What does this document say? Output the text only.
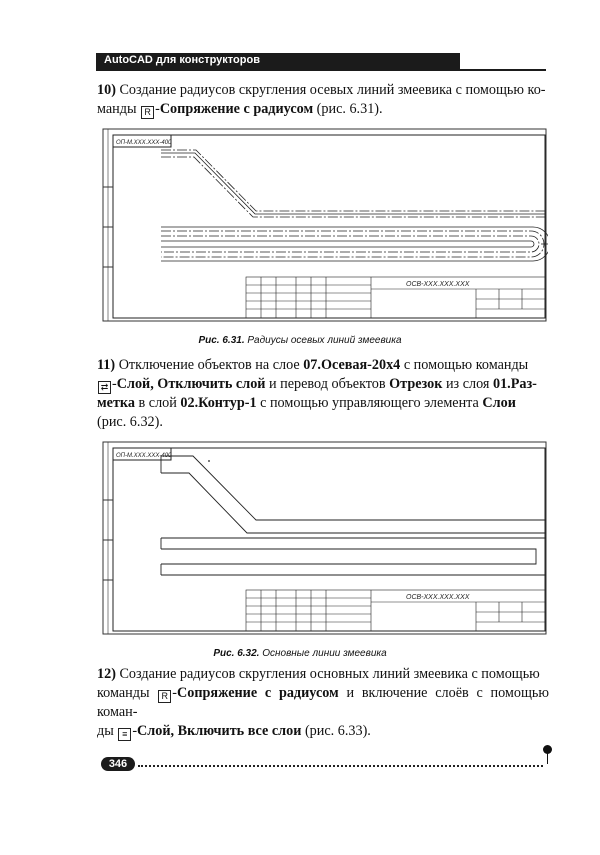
AutoCAD для конструкторов

10) Создание радиусов скругления осевых линий змеевика с помощью ко-
манды R -Сопряжение с радиусом (рис. 6.31).

ОП-М.ХХХ.ХХХ-400
ОСВ-ХХХ.ХХХ.ХХХ
Рис. 6.31. Радиусы осевых линий змеевика

11) Отключение объектов на слое 07.Осевая-20х4 с помощью команды
⇄ -Слой, Отключить слой и перевод объектов Отрезок из слоя 01.Раз-
метка в слой 02.Контур-1 с помощью управляющего элемента Слои
(рис. 6.32).

ОП-М.ХХХ.ХХХ-400
ОСВ-ХХХ.ХХХ.ХХХ
Рис. 6.32. Основные линии змеевика

12) Создание радиусов скругления основных линий змеевика с помощью
команды R -Сопряжение с радиусом и включение слоёв с помощью коман-
ды ≡ -Слой, Включить все слои (рис. 6.33).

346
